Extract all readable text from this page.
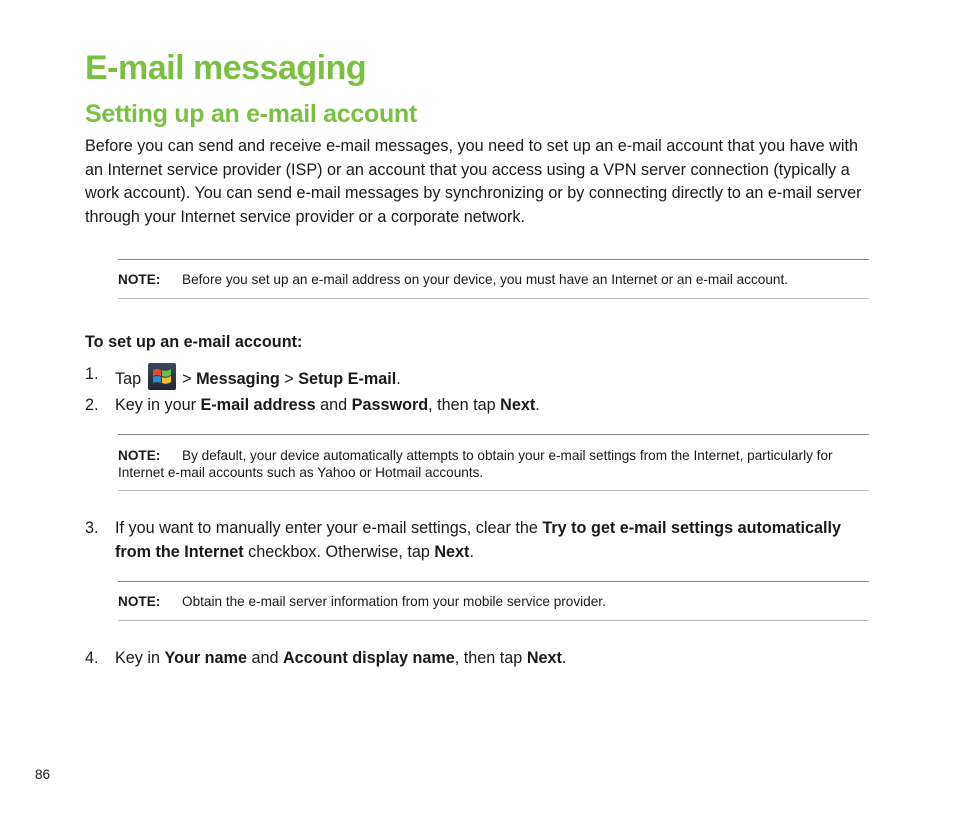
E-mail messaging
Setting up an e-mail account

Before you can send and receive e-mail messages, you need to set up an e-mail account that you have with an Internet service provider (ISP) or an account that you access using a VPN server connection (typically a work account). You can send e-mail messages by synchronizing or by connecting directly to an e-mail server through your Internet service provider or a corporate network.

NOTE: Before you set up an e-mail address on your device, you must have an Internet or an e-mail account.

To set up an e-mail account:

1. Tap	> Messaging > Setup E-mail.
2. Key in your E-mail address and Password, then tap Next.
NOTE: By default, your device automatically attempts to obtain your e-mail settings from the Internet, particularly for Internet e-mail accounts such as Yahoo or Hotmail accounts.
3. If you want to manually enter your e-mail settings, clear the Try to get e-mail settings automatically from the Internet checkbox. Otherwise, tap Next.
NOTE: Obtain the e-mail server information from your mobile service provider.
4. Key in Your name and Account display name, then tap Next.
86
